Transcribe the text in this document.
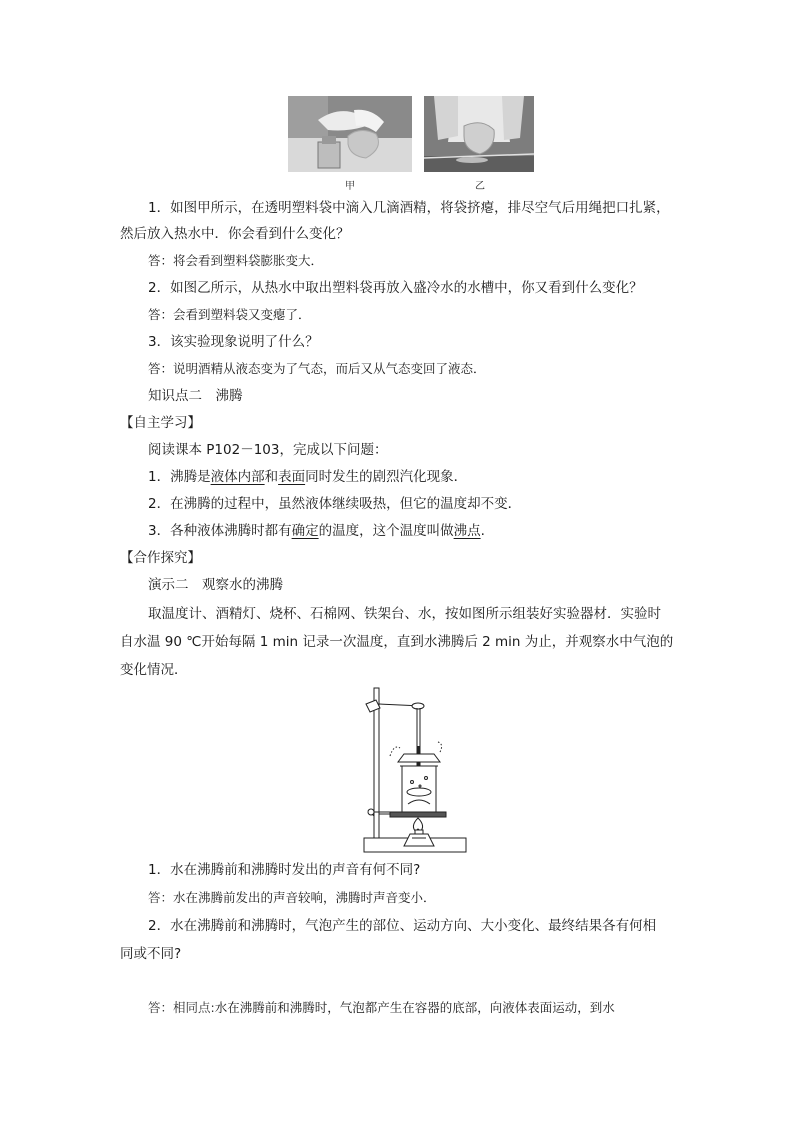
甲	乙
1．如图甲所示，在透明塑料袋中滴入几滴酒精，将袋挤瘪，排尽空气后用绳把口扎紧，
然后放入热水中．你会看到什么变化？
答：将会看到塑料袋膨胀变大．
2．如图乙所示，从热水中取出塑料袋再放入盛冷水的水槽中，你又看到什么变化？
答：会看到塑料袋又变瘪了．
3．该实验现象说明了什么？
答：说明酒精从液态变为了气态，而后又从气态变回了液态．
知识点二　沸腾
【自主学习】
阅读课本 P102－103，完成以下问题：
1．沸腾是液体内部和表面同时发生的剧烈汽化现象．
2．在沸腾的过程中，虽然液体继续吸热，但它的温度却不变．
3．各种液体沸腾时都有确定的温度，这个温度叫做沸点.
【合作探究】
演示二　观察水的沸腾
取温度计、酒精灯、烧杯、石棉网、铁架台、水，按如图所示组装好实验器材．实验时
自水温 90 ℃开始每隔 1 min 记录一次温度，直到水沸腾后 2 min 为止，并观察水中气泡的
变化情况．
1．水在沸腾前和沸腾时发出的声音有何不同?
答：水在沸腾前发出的声音较响，沸腾时声音变小．
2．水在沸腾前和沸腾时，气泡产生的部位、运动方向、大小变化、最终结果各有何相
同或不同?
答：相同点:水在沸腾前和沸腾时，气泡都产生在容器的底部，向液体表面运动，到水
